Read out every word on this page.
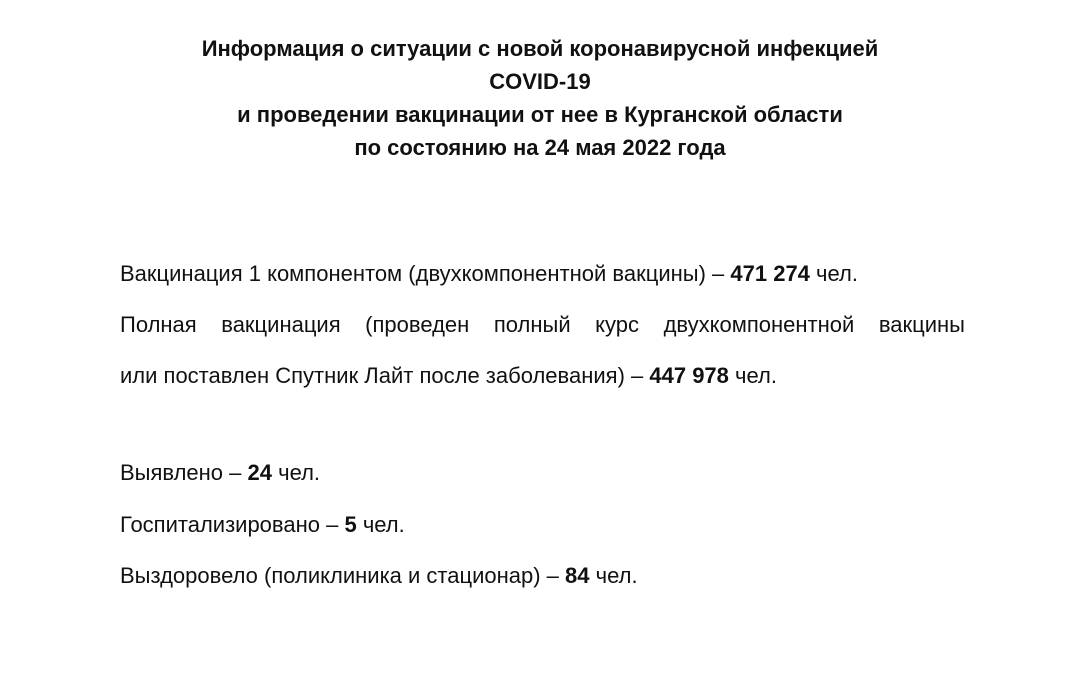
Информация о ситуации с новой коронавирусной инфекцией
COVID-19
и проведении вакцинации от нее в Курганской области
по состоянию на 24 мая 2022 года
Вакцинация 1 компонентом (двухкомпонентной вакцины) – 471 274 чел.
Полная вакцинация (проведен полный курс двухкомпонентной вакцины
или поставлен Спутник Лайт после заболевания) – 447 978 чел.
Выявлено – 24 чел.
Госпитализировано – 5 чел.
Выздоровело (поликлиника и стационар) – 84 чел.
